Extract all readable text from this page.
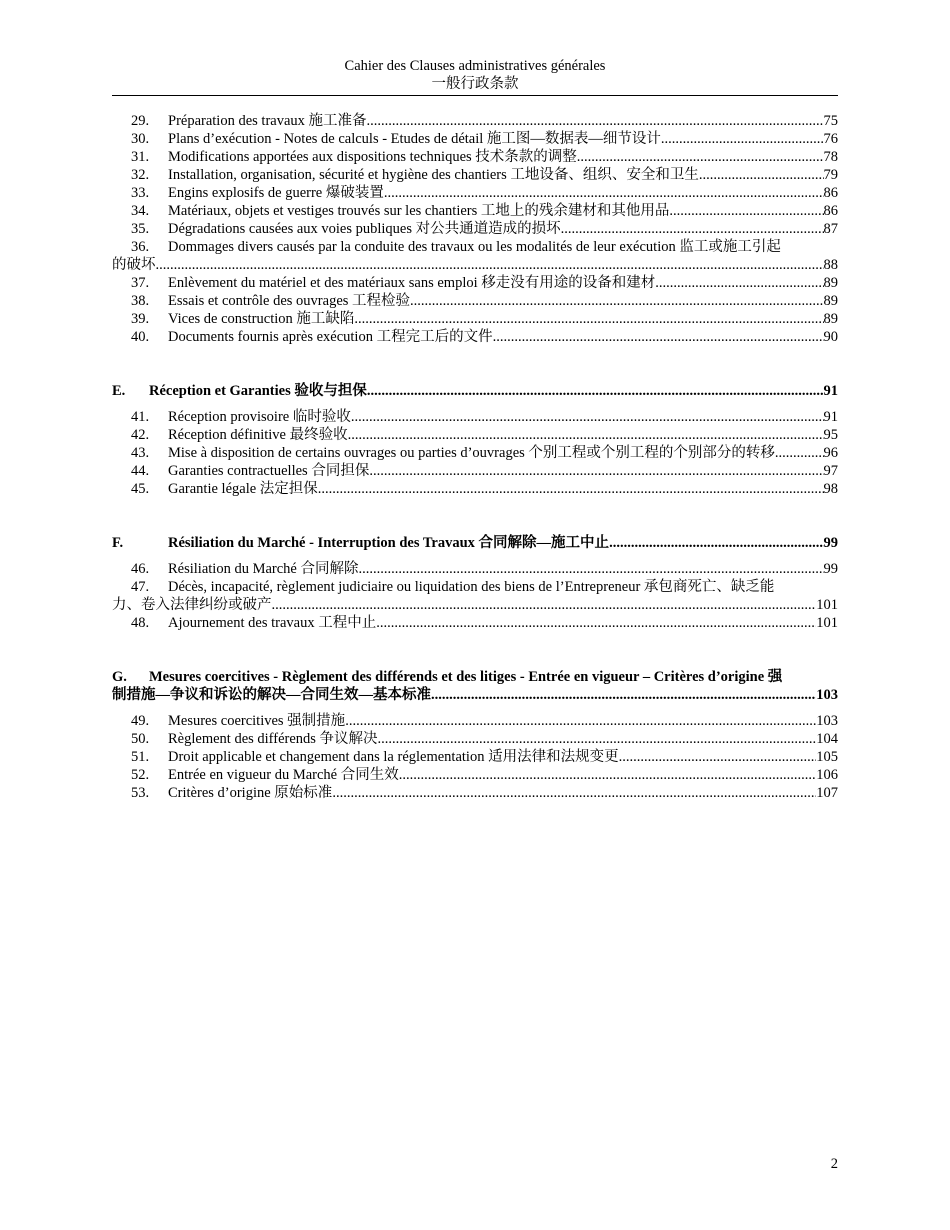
Cahier des Clauses administratives générales
一般行政条款
29. Préparation des travaux 施工准备 .....	75
30. Plans d’exécution - Notes de calculs - Etudes de détail 施工图—数据表—细节设计 .....	76
31. Modifications apportées aux dispositions techniques 技术条款的调整 .....	78
32. Installation, organisation, sécurité et hygiène des chantiers 工地设备、组织、安全和卫生 .....	79
33. Engins explosifs de guerre 爆破装置 .....	86
34. Matériaux, objets et vestiges trouvés sur les chantiers 工地上的残余建材和其他用品 .....	86
35. Dégradations causées aux voies publiques 对公共通道造成的损坏 .....	87
36. Dommages divers causés par la conduite des travaux ou les modalités de leur exécution 监工或施工引起
的破坏 .....	88
37. Enlèvement du matériel et des matériaux sans emploi 移走没有用途的设备和建材 .....	89
38. Essais et contrôle des ouvrages 工程检验 .....	89
39. Vices de construction 施工缺陷 .....	89
40. Documents fournis après exécution 工程完工后的文件 .....	90
E.	Réception et Garanties 验收与担保 .....	91
41. Réception provisoire 临时验收 .....	91
42. Réception définitive 最终验收 .....	95
43. Mise à disposition de certains ouvrages ou parties d’ouvrages 个别工程或个别工程的个别部分的转移 .....	96
44. Garanties contractuelles 合同担保 .....	97
45. Garantie légale 法定担保 .....	98
F.	Résiliation du Marché - Interruption des Travaux 合同解除—施工中止 .....	99
46. Résiliation du Marché 合同解除 .....	99
47. Décès, incapacité, règlement judiciaire ou liquidation des biens de l’Entrepreneur 承包商死亡、缺乏能
力、卷入法律纠纷或破产 .....	101
48. Ajournement des travaux 工程中止 .....	101
G.	Mesures coercitives - Règlement des différends et des litiges - Entrée en vigueur – Critères d’origine 强
制措施—争议和诉讼的解决—合同生效—基本标准 .....	103
49. Mesures coercitives 强制措施 .....	103
50. Règlement des différends 争议解决 .....	104
51. Droit applicable et changement dans la réglementation 适用法律和法规变更 .....	105
52. Entrée en vigueur du Marché 合同生效 .....	106
53. Critères d’origine 原始标准 .....	107
2
